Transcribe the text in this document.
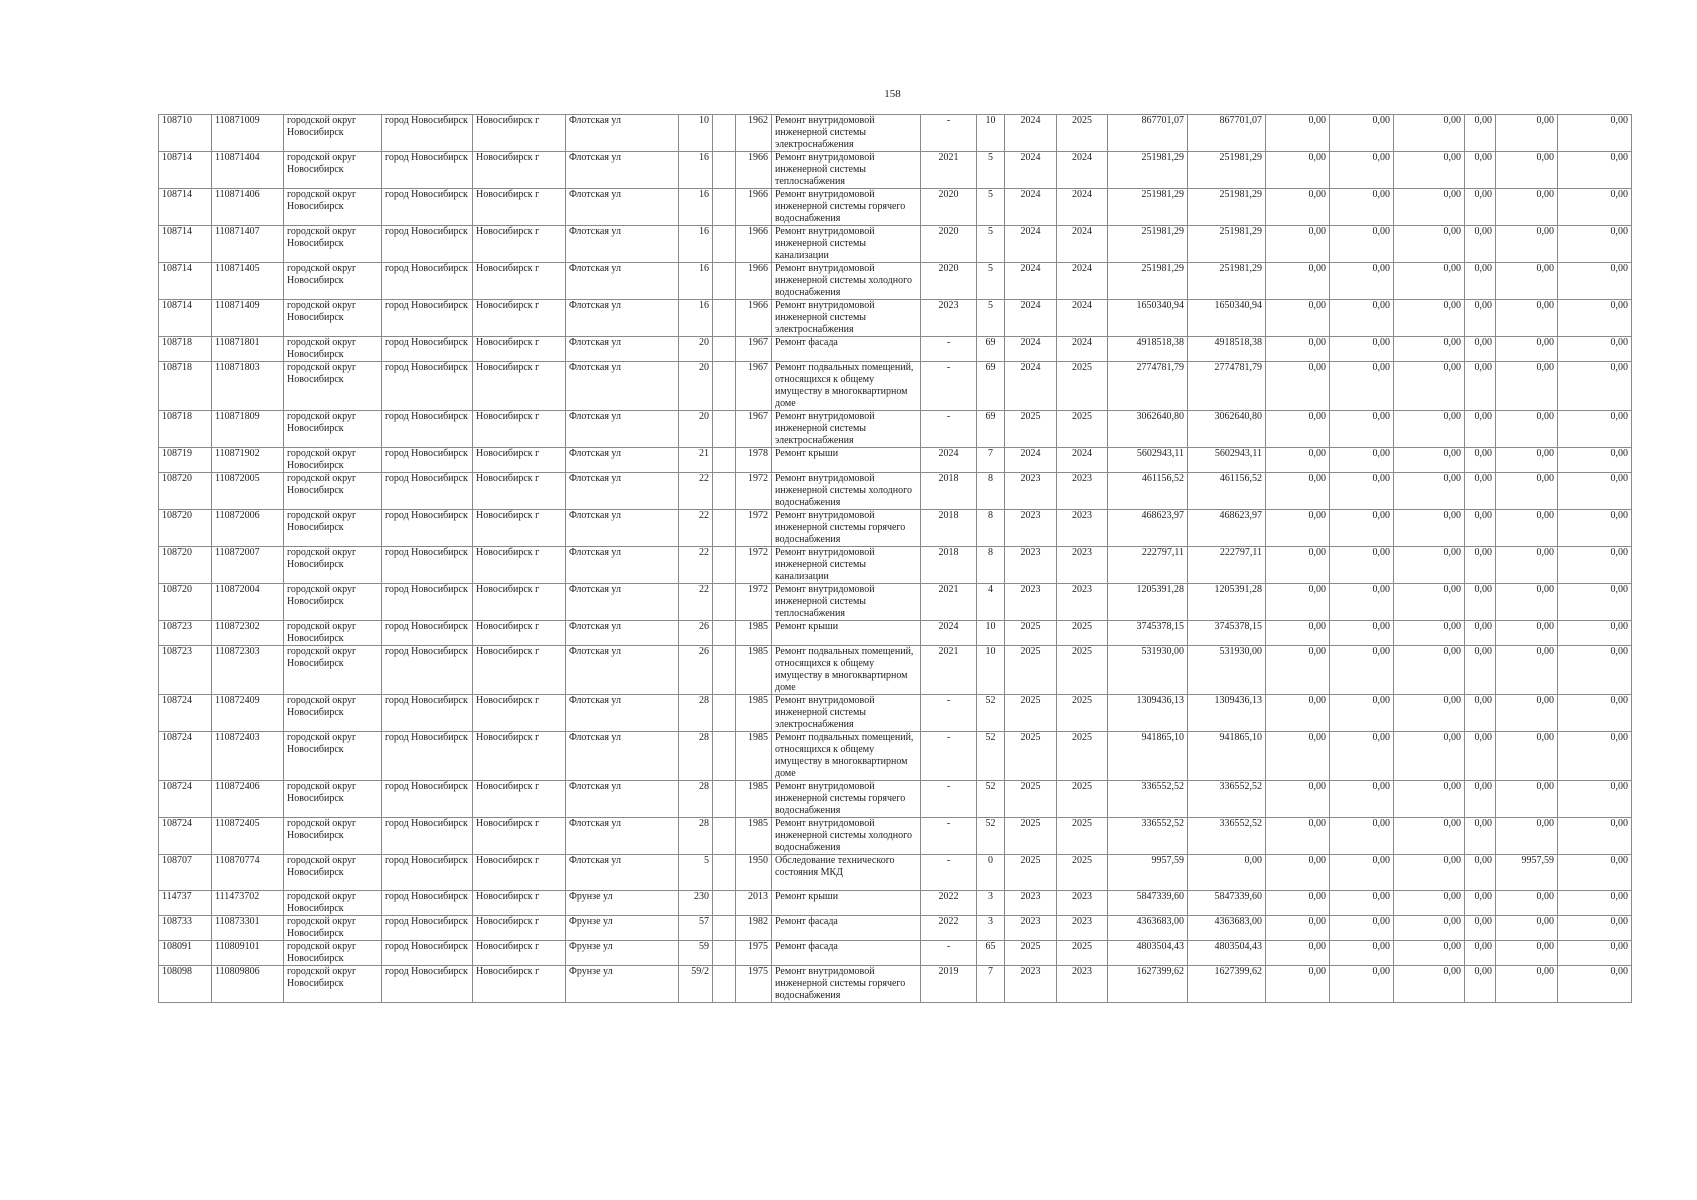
158
108710	110871009	городской округ Новосибирск	город Новосибирск	Новосибирск г	Флотская ул	10		1962	Ремонт внутридомовой инженерной системы электроснабжения	-	10	2024	2025	867701,07	867701,07	0,00	0,00	0,00	0,00	0,00	0,00
108714	110871404	городской округ Новосибирск	город Новосибирск	Новосибирск г	Флотская ул	16		1966	Ремонт внутридомовой инженерной системы теплоснабжения	2021	5	2024	2024	251981,29	251981,29	0,00	0,00	0,00	0,00	0,00	0,00
108714	110871406	городской округ Новосибирск	город Новосибирск	Новосибирск г	Флотская ул	16		1966	Ремонт внутридомовой инженерной системы горячего водоснабжения	2020	5	2024	2024	251981,29	251981,29	0,00	0,00	0,00	0,00	0,00	0,00
108714	110871407	городской округ Новосибирск	город Новосибирск	Новосибирск г	Флотская ул	16		1966	Ремонт внутридомовой инженерной системы канализации	2020	5	2024	2024	251981,29	251981,29	0,00	0,00	0,00	0,00	0,00	0,00
108714	110871405	городской округ Новосибирск	город Новосибирск	Новосибирск г	Флотская ул	16		1966	Ремонт внутридомовой инженерной системы холодного водоснабжения	2020	5	2024	2024	251981,29	251981,29	0,00	0,00	0,00	0,00	0,00	0,00
108714	110871409	городской округ Новосибирск	город Новосибирск	Новосибирск г	Флотская ул	16		1966	Ремонт внутридомовой инженерной системы электроснабжения	2023	5	2024	2024	1650340,94	1650340,94	0,00	0,00	0,00	0,00	0,00	0,00
108718	110871801	городской округ Новосибирск	город Новосибирск	Новосибирск г	Флотская ул	20		1967	Ремонт фасада	-	69	2024	2024	4918518,38	4918518,38	0,00	0,00	0,00	0,00	0,00	0,00
108718	110871803	городской округ Новосибирск	город Новосибирск	Новосибирск г	Флотская ул	20		1967	Ремонт подвальных помещений, относящихся к общему имуществу в многоквартирном доме	-	69	2024	2025	2774781,79	2774781,79	0,00	0,00	0,00	0,00	0,00	0,00
108718	110871809	городской округ Новосибирск	город Новосибирск	Новосибирск г	Флотская ул	20		1967	Ремонт внутридомовой инженерной системы электроснабжения	-	69	2025	2025	3062640,80	3062640,80	0,00	0,00	0,00	0,00	0,00	0,00
108719	110871902	городской округ Новосибирск	город Новосибирск	Новосибирск г	Флотская ул	21		1978	Ремонт крыши	2024	7	2024	2024	5602943,11	5602943,11	0,00	0,00	0,00	0,00	0,00	0,00
108720	110872005	городской округ Новосибирск	город Новосибирск	Новосибирск г	Флотская ул	22		1972	Ремонт внутридомовой инженерной системы холодного водоснабжения	2018	8	2023	2023	461156,52	461156,52	0,00	0,00	0,00	0,00	0,00	0,00
108720	110872006	городской округ Новосибирск	город Новосибирск	Новосибирск г	Флотская ул	22		1972	Ремонт внутридомовой инженерной системы горячего водоснабжения	2018	8	2023	2023	468623,97	468623,97	0,00	0,00	0,00	0,00	0,00	0,00
108720	110872007	городской округ Новосибирск	город Новосибирск	Новосибирск г	Флотская ул	22		1972	Ремонт внутридомовой инженерной системы канализации	2018	8	2023	2023	222797,11	222797,11	0,00	0,00	0,00	0,00	0,00	0,00
108720	110872004	городской округ Новосибирск	город Новосибирск	Новосибирск г	Флотская ул	22		1972	Ремонт внутридомовой инженерной системы теплоснабжения	2021	4	2023	2023	1205391,28	1205391,28	0,00	0,00	0,00	0,00	0,00	0,00
108723	110872302	городской округ Новосибирск	город Новосибирск	Новосибирск г	Флотская ул	26		1985	Ремонт крыши	2024	10	2025	2025	3745378,15	3745378,15	0,00	0,00	0,00	0,00	0,00	0,00
108723	110872303	городской округ Новосибирск	город Новосибирск	Новосибирск г	Флотская ул	26		1985	Ремонт подвальных помещений, относящихся к общему имуществу в многоквартирном доме	2021	10	2025	2025	531930,00	531930,00	0,00	0,00	0,00	0,00	0,00	0,00
108724	110872409	городской округ Новосибирск	город Новосибирск	Новосибирск г	Флотская ул	28		1985	Ремонт внутридомовой инженерной системы электроснабжения	-	52	2025	2025	1309436,13	1309436,13	0,00	0,00	0,00	0,00	0,00	0,00
108724	110872403	городской округ Новосибирск	город Новосибирск	Новосибирск г	Флотская ул	28		1985	Ремонт подвальных помещений, относящихся к общему имуществу в многоквартирном доме	-	52	2025	2025	941865,10	941865,10	0,00	0,00	0,00	0,00	0,00	0,00
108724	110872406	городской округ Новосибирск	город Новосибирск	Новосибирск г	Флотская ул	28		1985	Ремонт внутридомовой инженерной системы горячего водоснабжения	-	52	2025	2025	336552,52	336552,52	0,00	0,00	0,00	0,00	0,00	0,00
108724	110872405	городской округ Новосибирск	город Новосибирск	Новосибирск г	Флотская ул	28		1985	Ремонт внутридомовой инженерной системы холодного водоснабжения	-	52	2025	2025	336552,52	336552,52	0,00	0,00	0,00	0,00	0,00	0,00
108707	110870774	городской округ Новосибирск	город Новосибирск	Новосибирск г	Флотская ул	5		1950	Обследование технического состояния МКД	-	0	2025	2025	9957,59	0,00	0,00	0,00	0,00	0,00	9957,59	0,00
114737	111473702	городской округ Новосибирск	город Новосибирск	Новосибирск г	Фрунзе ул	230		2013	Ремонт крыши	2022	3	2023	2023	5847339,60	5847339,60	0,00	0,00	0,00	0,00	0,00	0,00
108733	110873301	городской округ Новосибирск	город Новосибирск	Новосибирск г	Фрунзе ул	57		1982	Ремонт фасада	2022	3	2023	2023	4363683,00	4363683,00	0,00	0,00	0,00	0,00	0,00	0,00
108091	110809101	городской округ Новосибирск	город Новосибирск	Новосибирск г	Фрунзе ул	59		1975	Ремонт фасада	-	65	2025	2025	4803504,43	4803504,43	0,00	0,00	0,00	0,00	0,00	0,00
108098	110809806	городской округ Новосибирск	город Новосибирск	Новосибирск г	Фрунзе ул	59/2		1975	Ремонт внутридомовой инженерной системы горячего водоснабжения	2019	7	2023	2023	1627399,62	1627399,62	0,00	0,00	0,00	0,00	0,00	0,00
